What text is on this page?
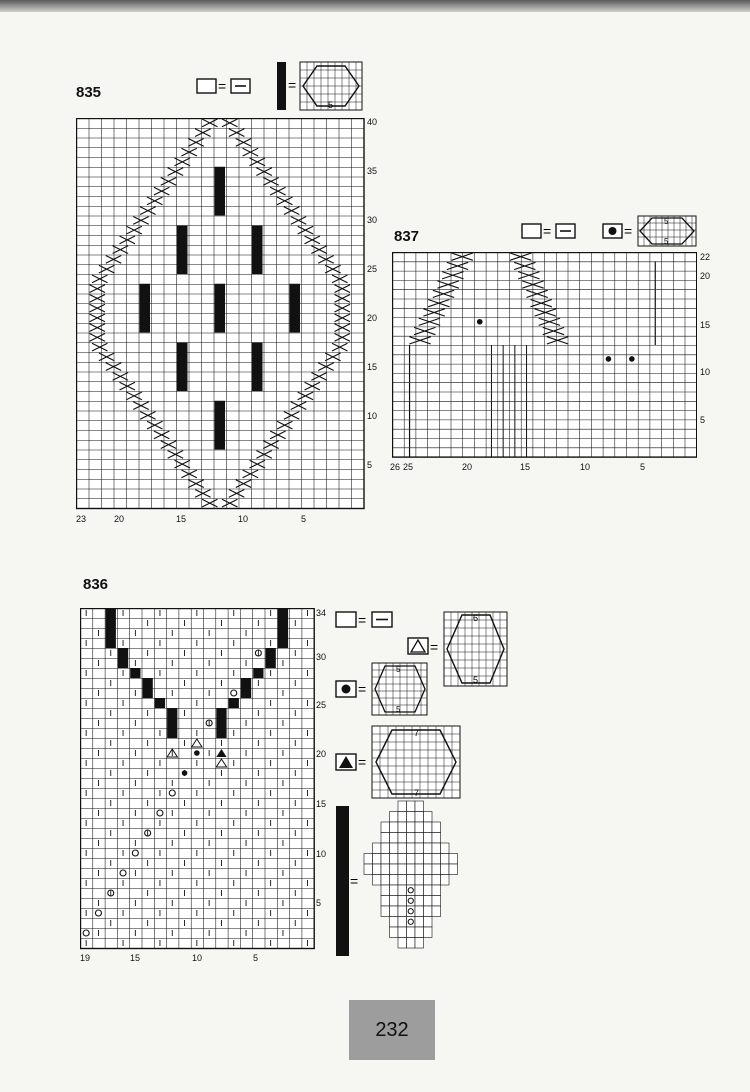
835
40
35
30
25
20
15
10
5
23	20	15	10	5
=	=
5
837
22
20
15
10
5
26 25	20	15	10	5
=	=
5
5
836
34
30
25
20
15
10
5
19	15	10	5
=
=
6
5
=
5
5
=
7
7
=
232
